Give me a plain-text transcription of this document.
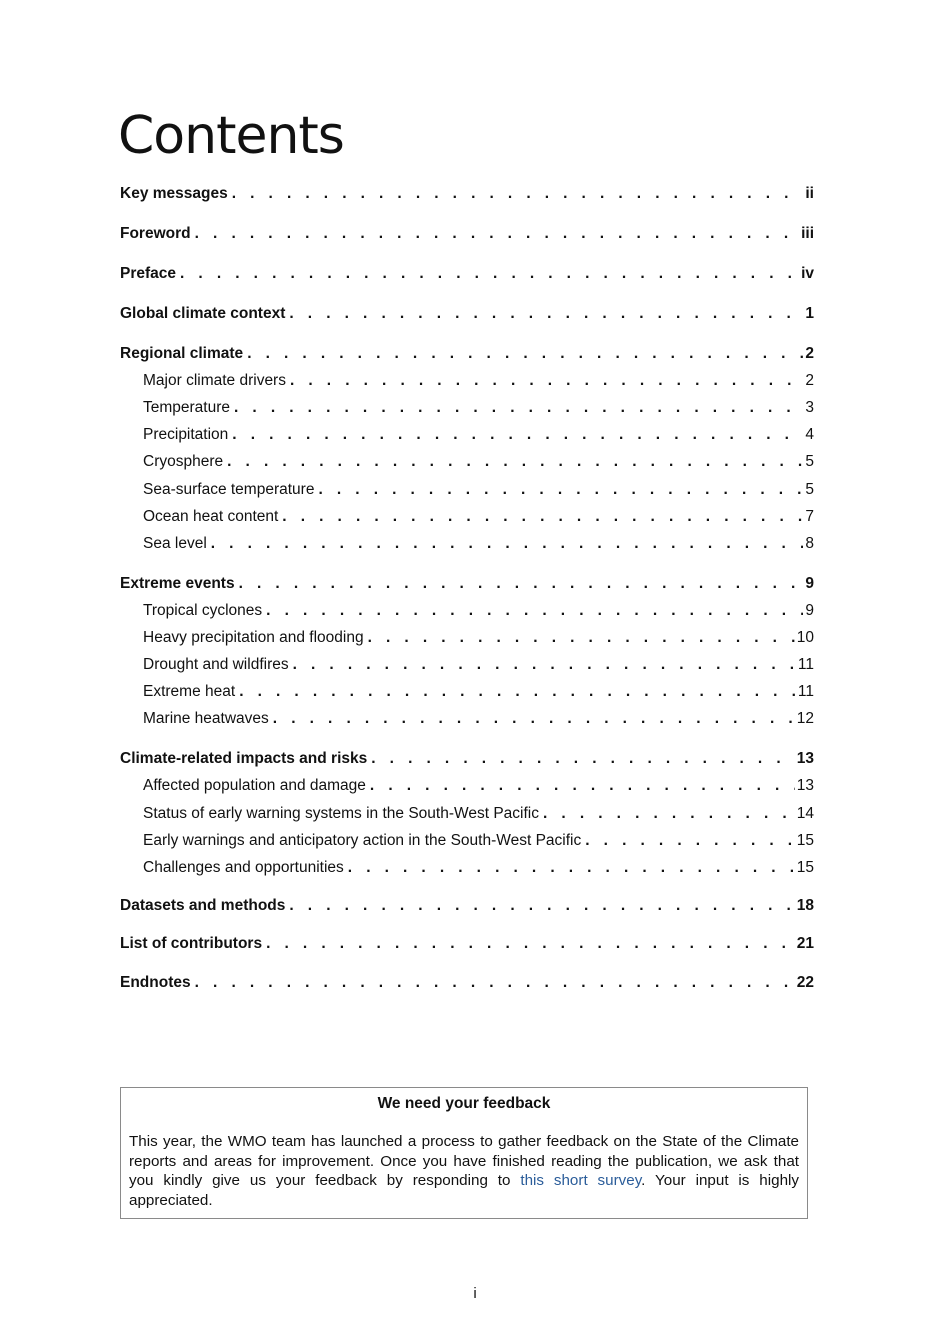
Contents
Key messages . . .	ii
Foreword . . .	iii
Preface . . .	iv
Global climate context . . .	1
Regional climate . . .	2
Major climate drivers . . .	2
Temperature . . .	3
Precipitation . . .	4
Cryosphere . . .	5
Sea-surface temperature . . .	5
Ocean heat content . . .	7
Sea level . . .	8
Extreme events . . .	9
Tropical cyclones . . .	9
Heavy precipitation and flooding . . .	10
Drought and wildfires . . .	11
Extreme heat . . .	11
Marine heatwaves . . .	12
Climate-related impacts and risks . . .	13
Affected population and damage . . .	13
Status of early warning systems in the South-West Pacific . . .	14
Early warnings and anticipatory action in the South-West Pacific . . .	15
Challenges and opportunities . . .	15
Datasets and methods . . .	18
List of contributors . . .	21
Endnotes . . .	22
We need your feedback

This year, the WMO team has launched a process to gather feedback on the State of the Climate reports and areas for improvement. Once you have finished reading the publication, we ask that you kindly give us your feedback by responding to this short survey. Your input is highly appreciated.

i
